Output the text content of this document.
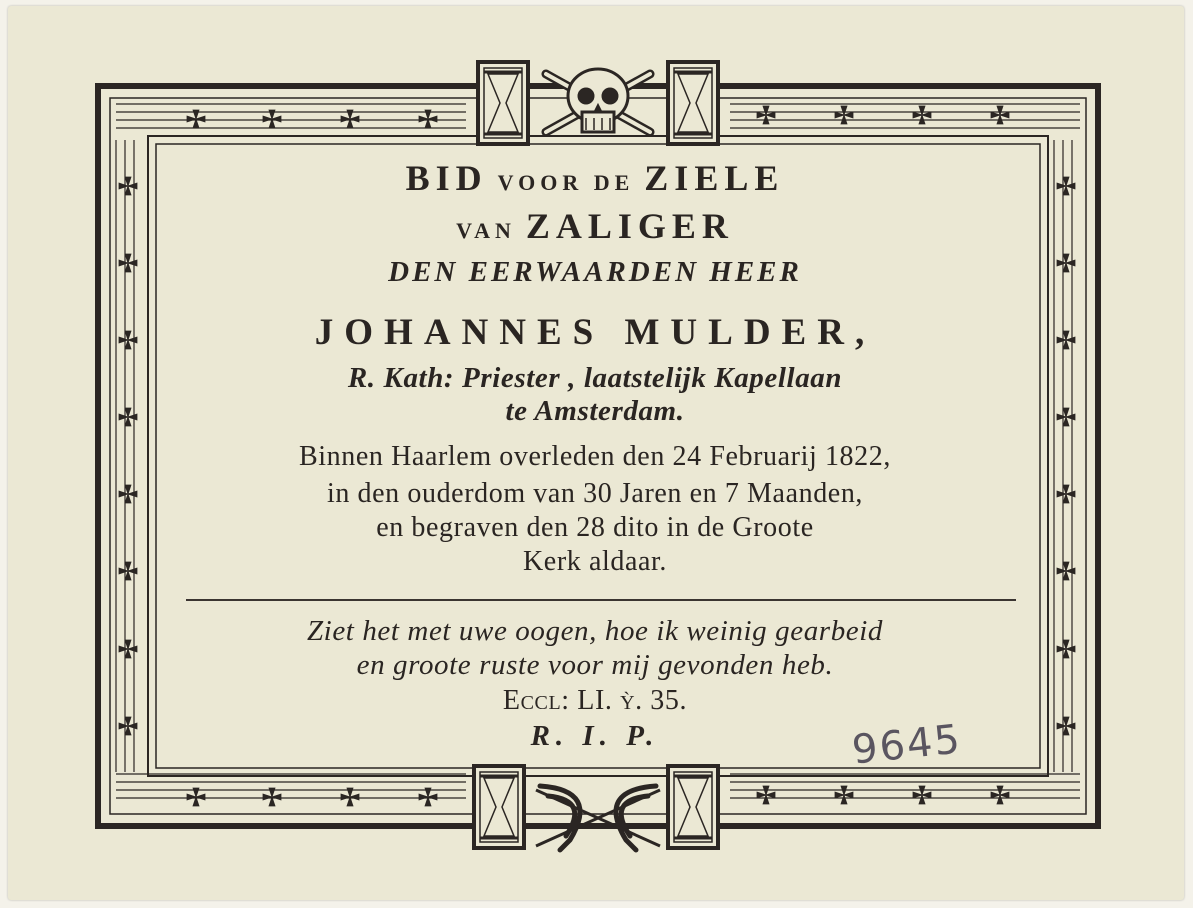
BID VOOR DE ZIELE
VAN ZALIGER
DEN EERWAARDEN HEER
JOHANNES MULDER,
R. Kath: Priester , laatstelijk Kapellaan
te Amsterdam.
Binnen Haarlem overleden den 24 Februarij 1822,
in den ouderdom van 30 Jaren en 7 Maanden,
en begraven den 28 dito in de Groote
Kerk aldaar.
Ziet het met uwe oogen, hoe ik weinig gearbeid
en groote ruste voor mij gevonden heb.
Eccl: LI. ỳ. 35.
R. I. P.	9645
